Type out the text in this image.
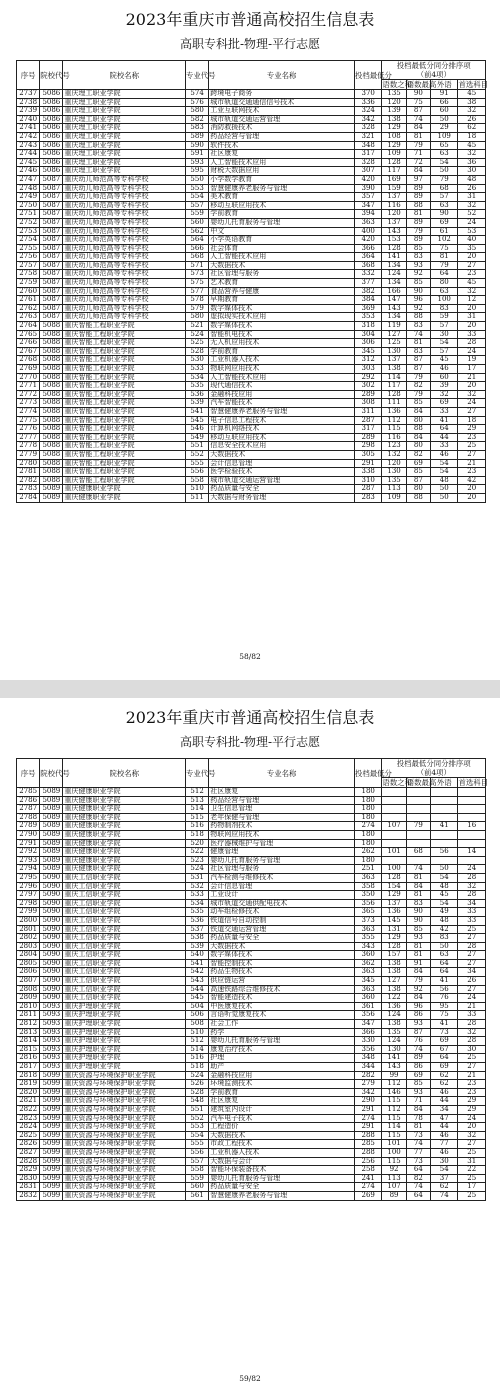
2023年重庆市普通高校招生信息表
高职专科批-物理-平行志愿
序号	院校代号	院校名称	专业代号	专业名称	投档最低分	投档最低分同分排序项
（前4项）			

						语数之和	语数最高	外语	首选科目
2737	5086	重庆理工职业学院	574	跨境电子商务	370	135	90	91	45
2738	5086	重庆理工职业学院	576	城市轨道交通通信信号技术	336	120	75	66	38
2739	5086	重庆理工职业学院	580	工业互联网技术	324	139	87	60	32
2740	5086	重庆理工职业学院	582	城市轨道交通运营管理	342	138	74	50	26
2741	5086	重庆理工职业学院	583	消防救援技术	328	129	84	29	62
2742	5086	重庆理工职业学院	589	药品经营与管理	321	108	81	109	18
2743	5086	重庆理工职业学院	590	软件技术	348	129	79	65	45
2744	5086	重庆理工职业学院	591	社区康复	317	109	71	63	32
2745	5086	重庆理工职业学院	593	人工智能技术应用	328	128	72	54	36
2746	5086	重庆理工职业学院	595	财税大数据应用	307	117	84	50	30
2747	5087	重庆幼儿师范高等专科学校	550	小学数学教育	420	169	97	79	48
2748	5087	重庆幼儿师范高等专科学校	553	智慧健康养老服务与管理	390	159	89	68	26
2749	5087	重庆幼儿师范高等专科学校	554	美术教育	357	137	89	57	31
2750	5087	重庆幼儿师范高等专科学校	557	移动互联应用技术	347	116	88	63	32
2751	5087	重庆幼儿师范高等专科学校	559	学前教育	394	120	81	90	52
2752	5087	重庆幼儿师范高等专科学校	560	婴幼儿托育服务与管理	363	137	89	69	24
2753	5087	重庆幼儿师范高等专科学校	562	中文	400	143	79	61	53
2754	5087	重庆幼儿师范高等专科学校	564	小学英语教育	420	153	89	102	40
2755	5087	重庆幼儿师范高等专科学校	566	社会体育	366	128	85	75	35
2756	5087	重庆幼儿师范高等专科学校	568	人工智能技术应用	364	141	83	81	20
2757	5087	重庆幼儿师范高等专科学校	571	大数据技术	368	134	93	79	27
2758	5087	重庆幼儿师范高等专科学校	573	社区管理与服务	332	124	92	64	23
2759	5087	重庆幼儿师范高等专科学校	575	艺术教育	377	134	85	80	45
2760	5087	重庆幼儿师范高等专科学校	577	食品营养与健康	382	166	90	63	32
2761	5087	重庆幼儿师范高等专科学校	578	早期教育	384	147	96	100	12
2762	5087	重庆幼儿师范高等专科学校	579	数字媒体技术	369	143	92	83	20
2763	5087	重庆幼儿师范高等专科学校	580	虚拟现实技术应用	353	134	88	59	31
2764	5088	重庆智能工程职业学院	521	数字媒体技术	318	119	83	57	20
2765	5088	重庆智能工程职业学院	524	智能机电技术	304	127	74	30	33
2766	5088	重庆智能工程职业学院	525	无人机应用技术	306	125	81	54	28
2767	5088	重庆智能工程职业学院	528	学前教育	345	130	83	57	24
2768	5088	重庆智能工程职业学院	530	工业机器人技术	312	137	87	45	19
2769	5088	重庆智能工程职业学院	533	物联网应用技术	303	138	87	46	17
2770	5088	重庆智能工程职业学院	534	人工智能技术应用	292	114	79	60	21
2771	5088	重庆智能工程职业学院	535	现代通信技术	302	117	82	39	20
2772	5088	重庆智能工程职业学院	536	金融科技应用	289	128	79	32	32
2773	5088	重庆智能工程职业学院	539	汽车智能技术	308	111	85	69	24
2774	5088	重庆智能工程职业学院	541	智慧健康养老服务与管理	311	136	84	33	27
2775	5088	重庆智能工程职业学院	545	电子信息工程技术	287	112	80	41	18
2776	5088	重庆智能工程职业学院	546	计算机网络技术	317	115	88	64	29
2777	5088	重庆智能工程职业学院	549	移动互联应用技术	289	116	84	44	23
2778	5088	重庆智能工程职业学院	551	信息安全技术应用	298	123	80	33	25
2779	5088	重庆智能工程职业学院	552	大数据技术	305	132	82	46	27
2780	5088	重庆智能工程职业学院	555	会计信息管理	291	120	69	54	21
2781	5088	重庆智能工程职业学院	556	医学检验技术	338	130	85	54	23
2782	5088	重庆智能工程职业学院	558	城市轨道交通运营管理	310	135	87	48	42
2783	5089	重庆健康职业学院	510	药品质量与安全	287	113	80	50	20
2784	5089	重庆健康职业学院	511	大数据与财务管理	283	109	88	50	20
58/82
2023年重庆市普通高校招生信息表
高职专科批-物理-平行志愿
序号	院校代号	院校名称	专业代号	专业名称	投档最低分	投档最低分同分排序项
（前4项）			

						语数之和	语数最高	外语	首选科目
2785	5089	重庆健康职业学院	512	社区康复	180				
2786	5089	重庆健康职业学院	513	药品经营与管理	180				
2787	5089	重庆健康职业学院	514	卫生信息管理	180				
2788	5089	重庆健康职业学院	515	老年保健与管理	180				
2789	5089	重庆健康职业学院	516	药物制剂技术	274	107	79	41	16
2790	5089	重庆健康职业学院	518	物联网应用技术	180				
2791	5089	重庆健康职业学院	520	医疗器械维护与管理	180				
2792	5089	重庆健康职业学院	522	健康管理	262	101	68	56	14
2793	5089	重庆健康职业学院	523	婴幼儿托育服务与管理	180				
2794	5089	重庆健康职业学院	524	社区管理与服务	251	100	74	50	24
2795	5090	重庆工信职业学院	531	汽车检测与维修技术	363	128	81	54	28
2796	5090	重庆工信职业学院	532	会计信息管理	358	154	84	48	32
2797	5090	重庆工信职业学院	533	工业设计	350	129	81	45	28
2798	5090	重庆工信职业学院	534	城市轨道交通供配电技术	356	137	83	54	34
2799	5090	重庆工信职业学院	535	动车组检修技术	365	136	90	49	33
2800	5090	重庆工信职业学院	536	铁道信号自动控制	373	145	90	48	33
2801	5090	重庆工信职业学院	537	铁道交通运营管理	363	131	85	42	25
2802	5090	重庆工信职业学院	538	药品质量与安全	355	129	93	83	27
2803	5090	重庆工信职业学院	539	大数据技术	343	128	81	50	28
2804	5090	重庆工信职业学院	540	数字媒体技术	360	157	81	63	27
2805	5090	重庆工信职业学院	541	智能控制技术	362	138	91	64	27
2806	5090	重庆工信职业学院	542	药品生物技术	363	138	84	64	34
2807	5090	重庆工信职业学院	543	供应链运营	345	127	79	41	26
2808	5090	重庆工信职业学院	544	高速铁路综合维修技术	363	138	92	56	27
2809	5090	重庆工信职业学院	545	智能建造技术	360	122	84	76	24
2810	5093	重庆护理职业学院	504	中医康复技术	361	136	96	95	21
2811	5093	重庆护理职业学院	506	言语听觉康复技术	356	124	86	75	33
2812	5093	重庆护理职业学院	508	社会工作	347	138	93	41	28
2813	5093	重庆护理职业学院	510	药学	366	135	87	73	32
2814	5093	重庆护理职业学院	512	婴幼儿托育服务与管理	330	124	76	69	28
2815	5093	重庆护理职业学院	514	康复治疗技术	356	130	74	67	30
2816	5093	重庆护理职业学院	516	护理	348	141	89	64	25
2817	5093	重庆护理职业学院	518	助产	344	143	86	69	27
2818	5099	重庆资源与环境保护职业学院	524	金融科技应用	282	99	69	62	21
2819	5099	重庆资源与环境保护职业学院	526	环境监测技术	279	112	85	62	23
2820	5099	重庆资源与环境保护职业学院	528	学前教育	342	146	93	46	23
2821	5099	重庆资源与环境保护职业学院	548	社区康复	290	115	71	44	29
2822	5099	重庆资源与环境保护职业学院	551	建筑室内设计	291	112	84	34	29
2823	5099	重庆资源与环境保护职业学院	552	汽车电子技术	274	115	78	47	24
2824	5099	重庆资源与环境保护职业学院	553	工程造价	291	114	81	44	20
2825	5099	重庆资源与环境保护职业学院	554	大数据技术	288	115	73	46	32
2826	5099	重庆资源与环境保护职业学院	555	市政工程技术	285	101	74	77	27
2827	5099	重庆资源与环境保护职业学院	556	工业机器人技术	288	100	77	46	25
2828	5099	重庆资源与环境保护职业学院	557	大数据与会计	256	115	73	30	31
2829	5099	重庆资源与环境保护职业学院	558	智能环保装备技术	258	92	64	54	22
2830	5099	重庆资源与环境保护职业学院	559	婴幼儿托育服务与管理	241	113	82	37	25
2831	5099	重庆资源与环境保护职业学院	560	药品质量与安全	274	107	74	62	17
2832	5099	重庆资源与环境保护职业学院	561	智慧健康养老服务与管理	269	89	64	74	25
59/82
